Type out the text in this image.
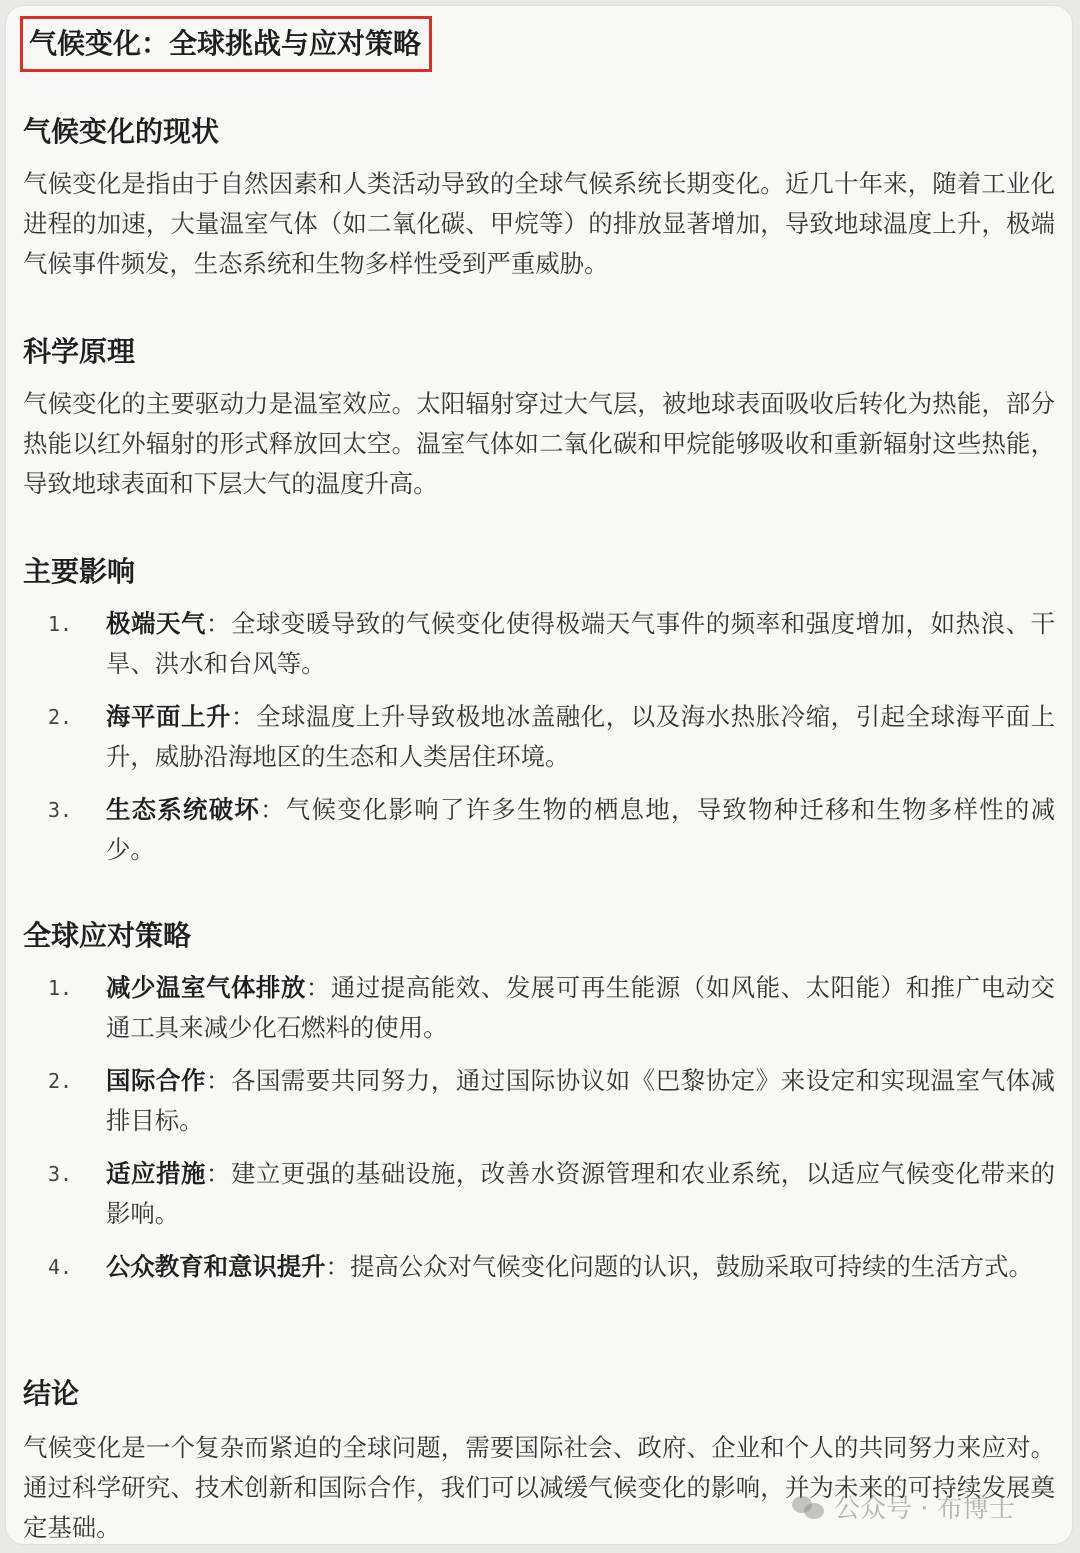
气候变化：全球挑战与应对策略
气候变化的现状
气候变化是指由于自然因素和人类活动导致的全球气候系统长期变化。近几十年来，随着工业化进程的加速，大量温室气体（如二氧化碳、甲烷等）的排放显著增加，导致地球温度上升，极端气候事件频发，生态系统和生物多样性受到严重威胁。
科学原理
气候变化的主要驱动力是温室效应。太阳辐射穿过大气层，被地球表面吸收后转化为热能，部分热能以红外辐射的形式释放回太空。温室气体如二氧化碳和甲烷能够吸收和重新辐射这些热能，导致地球表面和下层大气的温度升高。
主要影响
1. 极端天气：全球变暖导致的气候变化使得极端天气事件的频率和强度增加，如热浪、干旱、洪水和台风等。
2. 海平面上升：全球温度上升导致极地冰盖融化，以及海水热胀冷缩，引起全球海平面上升，威胁沿海地区的生态和人类居住环境。
3. 生态系统破坏：气候变化影响了许多生物的栖息地，导致物种迁移和生物多样性的减少。
全球应对策略
1. 减少温室气体排放：通过提高能效、发展可再生能源（如风能、太阳能）和推广电动交通工具来减少化石燃料的使用。
2. 国际合作：各国需要共同努力，通过国际协议如《巴黎协定》来设定和实现温室气体减排目标。
3. 适应措施：建立更强的基础设施，改善水资源管理和农业系统，以适应气候变化带来的影响。
4. 公众教育和意识提升：提高公众对气候变化问题的认识，鼓励采取可持续的生活方式。
结论
气候变化是一个复杂而紧迫的全球问题，需要国际社会、政府、企业和个人的共同努力来应对。通过科学研究、技术创新和国际合作，我们可以减缓气候变化的影响，并为未来的可持续发展奠定基础。
公众号 · 布博士
